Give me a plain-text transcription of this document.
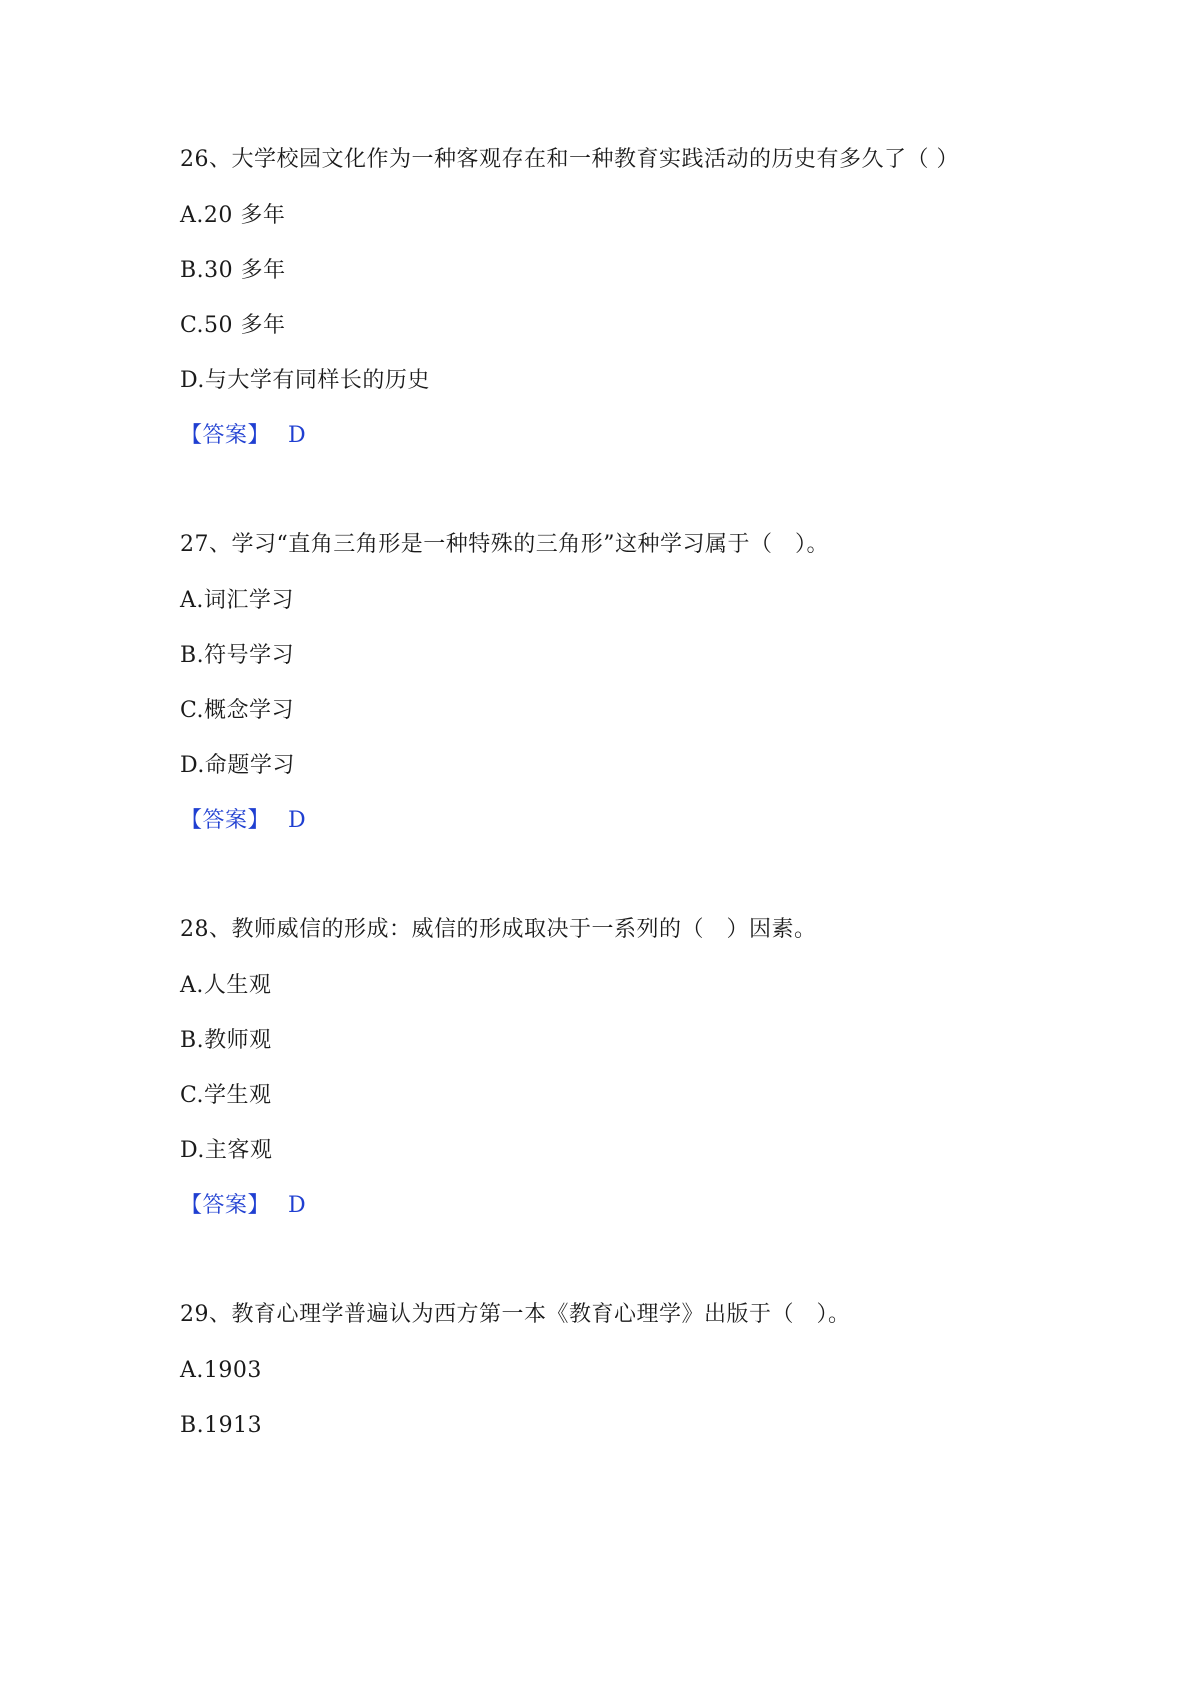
26、大学校园文化作为一种客观存在和一种教育实践活动的历史有多久了（ ）
A.20 多年
B.30 多年
C.50 多年
D.与大学有同样长的历史
【答案】 D
27、学习“直角三角形是一种特殊的三角形”这种学习属于（　）。
A.词汇学习
B.符号学习
C.概念学习
D.命题学习
【答案】 D
28、教师威信的形成：威信的形成取决于一系列的（　）因素。
A.人生观
B.教师观
C.学生观
D.主客观
【答案】 D
29、教育心理学普遍认为西方第一本《教育心理学》出版于（　）。
A.1903
B.1913
